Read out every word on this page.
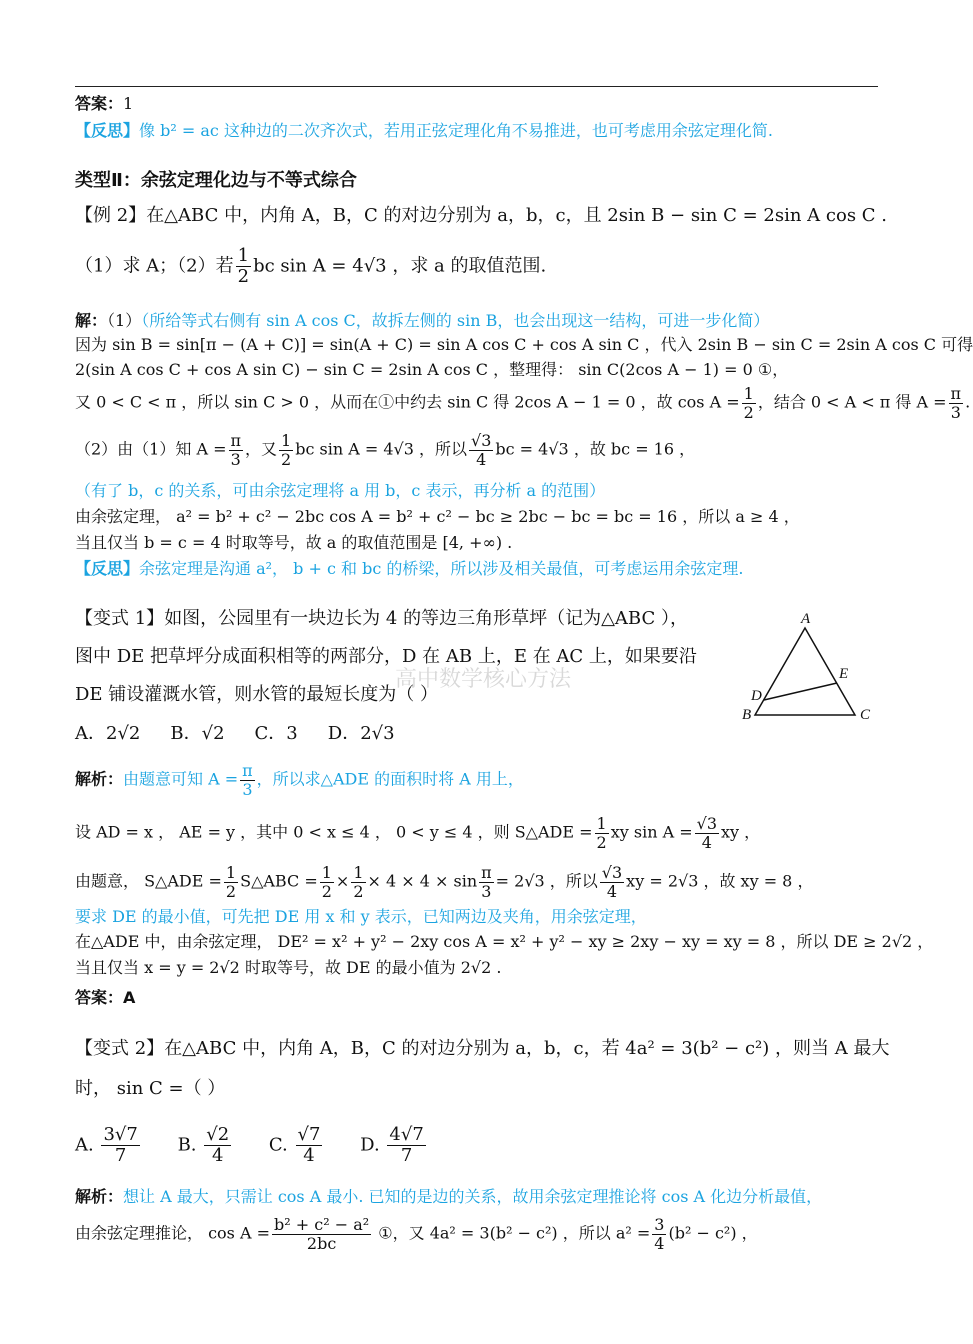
答案：1
【反思】像 b² = ac 这种边的二次齐次式，若用正弦定理化角不易推进，也可考虑用余弦定理化简.
类型Ⅱ：余弦定理化边与不等式综合
【例 2】在△ABC 中，内角 A，B，C 的对边分别为 a，b，c，且 2sin B − sin C = 2sin A cos C .
（1）求 A；（2）若 $\frac{1}{2}$ bc sin A = 4√3 ，求 a 的取值范围.
解：（1）（所给等式右侧有 sin A cos C，故拆左侧的 sin B，也会出现这一结构，可进一步化简）
因为 sin B = sin[π − (A + C)] = sin(A + C) = sin A cos C + cos A sin C ，代入 2sin B − sin C = 2sin A cos C 可得
2(sin A cos C + cos A sin C) − sin C = 2sin A cos C ，整理得： sin C(2cos A − 1) = 0 ①，
又 0 < C < π ，所以 sin C > 0 ，从而在①中约去 sin C 得 2cos A − 1 = 0 ，故 $\cos A = \frac{1}{2}$ ，结合 0 < A < π 得 $A = \frac{\pi}{3}$ .
（2）由（1）知 $A = \frac{\pi}{3}$ ，又 $\frac{1}{2}$ bc sin A = 4√3 ，所以 $\frac{√3}{4}$ bc = 4√3 ，故 bc = 16 ，
（有了 b，c 的关系，可由余弦定理将 a 用 b，c 表示，再分析 a 的范围）
由余弦定理， a² = b² + c² − 2bc cos A = b² + c² − bc ≥ 2bc − bc = bc = 16 ，所以 a ≥ 4 ，
当且仅当 b = c = 4 时取等号，故 a 的取值范围是 [4, +∞) .
【反思】余弦定理是沟通 a²， b + c 和 bc 的桥梁，所以涉及相关最值，可考虑运用余弦定理.
【变式 1】如图，公园里有一块边长为 4 的等边三角形草坪（记为△ABC ），
图中 DE 把草坪分成面积相等的两部分，D 在 AB 上，E 在 AC 上，如果要沿
DE 铺设灌溉水管，则水管的最短长度为（ ）
高中数学核心方法
A．2√2 B．√2 C．3 D．2√3
A
B	C
D
E
解析：由题意可知 $A = \frac{\pi}{3}$ ，所以求△ADE 的面积时将 A 用上，
设 AD = x ， AE = y ，其中 0 < x ≤ 4 ， 0 < y ≤ 4 ，则 S△ADE = $\frac{1}{2}$ xy $\sin A = \frac{√3}{4}$ xy ，
由题意， S△ADE = $\frac{1}{2}$ S△ABC = $\frac{1}{2} \times \frac{1}{2} \times 4 \times 4 \times \sin \frac{\pi}{3} = 2√3$ ，所以 $\frac{√3}{4}$ xy = 2√3 ，故 xy = 8 ，
要求 DE 的最小值，可先把 DE 用 x 和 y 表示，已知两边及夹角，用余弦定理，
在△ADE 中，由余弦定理， DE² = x² + y² − 2xy cos A = x² + y² − xy ≥ 2xy − xy = xy = 8 ，所以 DE ≥ 2√2 ，
当且仅当 x = y = 2√2 时取等号，故 DE 的最小值为 2√2 .
答案：A
【变式 2】在△ABC 中，内角 A，B，C 的对边分别为 a，b，c，若 4a² = 3(b² − c²) ，则当 A 最大
时， sin C =（ ）
A. $\frac{3√7}{7} B$. $\frac{√2}{4} C$. $\frac{√7}{4} D$. $\frac{4√7}{7}$
解析：想让 A 最大，只需让 cos A 最小. 已知的是边的关系，故用余弦定理推论将 cos A 化边分析最值，
由余弦定理推论， $\cos A = \frac{\text{b² + c² − a²}}{2bc}$ ①，又 4a² = 3(b² − c²) ，所以 $a^2 = \frac{3}{4} (b^2 - c^2)$ ，
